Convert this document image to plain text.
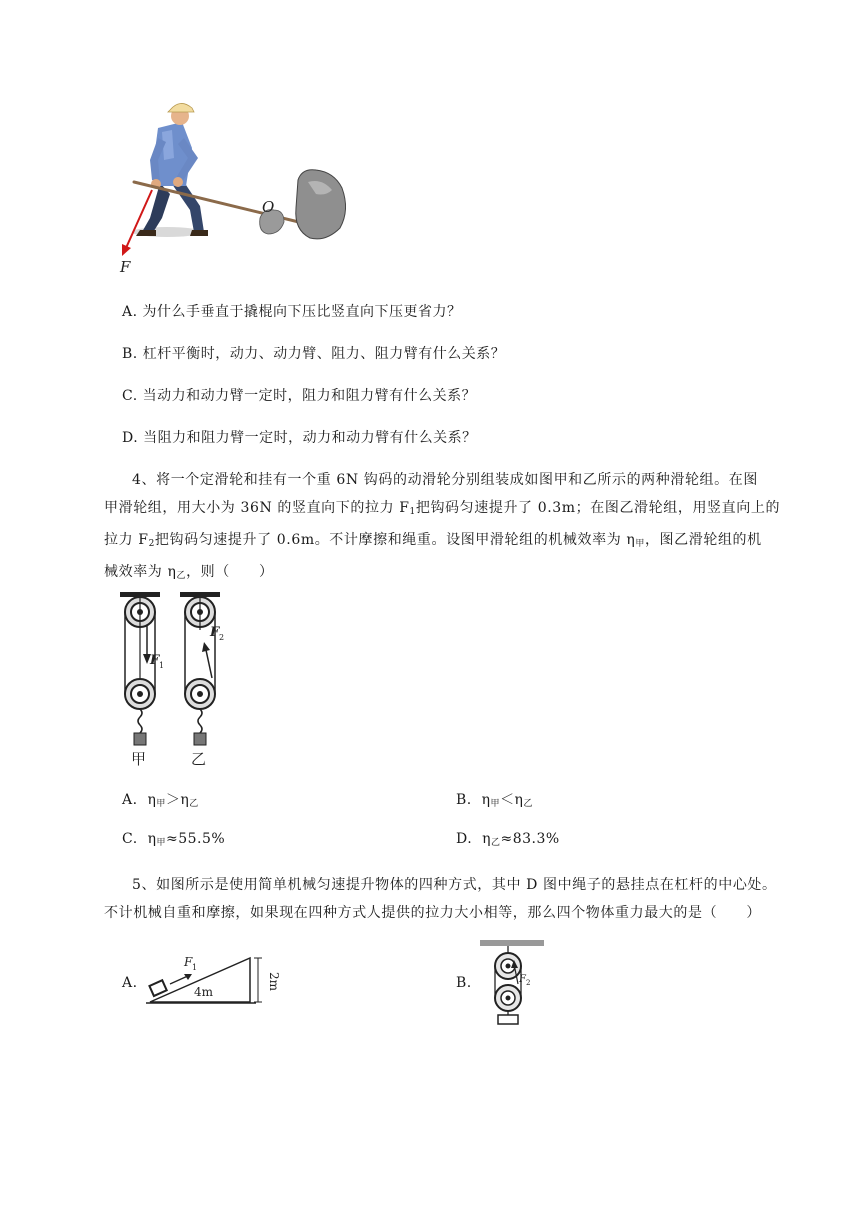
O
F
A. 为什么手垂直于撬棍向下压比竖直向下压更省力？
B. 杠杆平衡时，动力、动力臂、阻力、阻力臂有什么关系？
C. 当动力和动力臂一定时，阻力和阻力臂有什么关系？
D. 当阻力和阻力臂一定时，动力和动力臂有什么关系？
4、将一个定滑轮和挂有一个重 6N 钩码的动滑轮分别组装成如图甲和乙所示的两种滑轮组。在图
甲滑轮组，用大小为 36N 的竖直向下的拉力 $F_1$把钩码匀速提升了 0.3m；在图乙滑轮组，用竖直向上的
拉力 $F_2$把钩码匀速提升了 0.6m。不计摩擦和绳重。设图甲滑轮组的机械效率为 $\eta_甲$，图乙滑轮组的机
械效率为 $\eta_乙$，则（　　）
F 1
F 2
甲	乙
A. $\eta_甲>\eta_乙$	B. $\eta_甲<\eta_乙$
C. $\eta_甲\approx 55.5\%$	D. $\eta_乙\approx 83.3\%$
5、如图所示是使用简单机械匀速提升物体的四种方式，其中 D 图中绳子的悬挂点在杠杆的中心处。
不计机械自重和摩擦，如果现在四种方式人提供的拉力大小相等，那么四个物体重力最大的是（　　）
A.
F 1
4m
2m	B.	F 2
